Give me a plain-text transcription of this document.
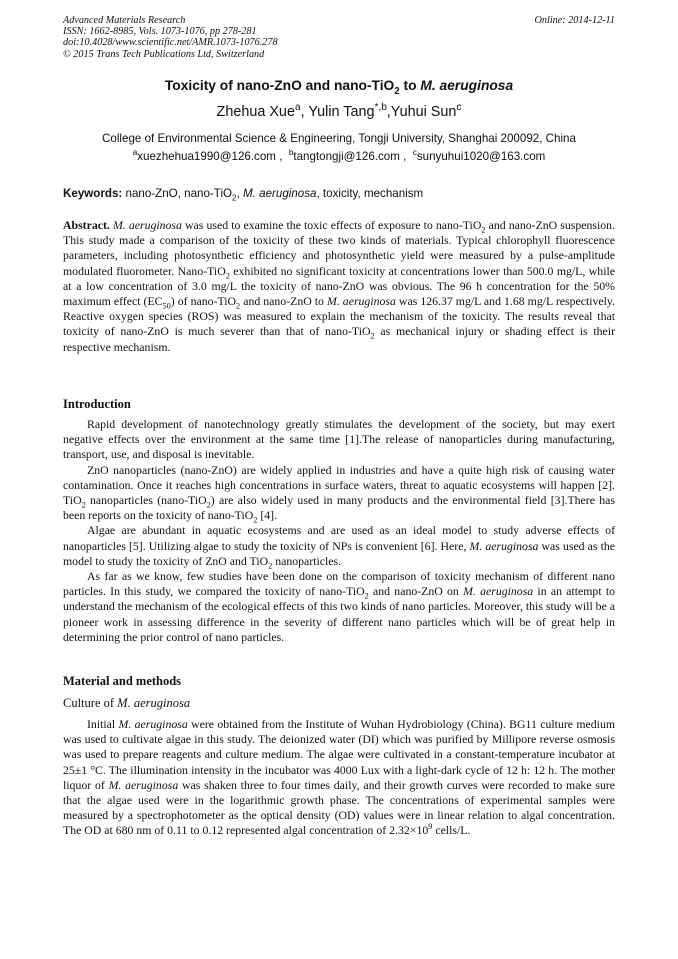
Advanced Materials Research
ISSN: 1662-8985, Vols. 1073-1076, pp 278-281
doi:10.4028/www.scientific.net/AMR.1073-1076.278
© 2015 Trans Tech Publications Ltd, Switzerland
Online: 2014-12-11
Toxicity of nano-ZnO and nano-TiO$_2$ to M. aeruginosa
Zhehua Xue$^a$, Yulin Tang$^{*,b}$,Yuhui Sun$^c$
College of Environmental Science & Engineering, Tongji University, Shanghai 200092, China
$^a$xuezhehua1990@126.com ,  $^b$tangtongji@126.com ,  $^c$sunyuhui1020@163.com
Keywords: nano-ZnO, nano-TiO$_2$, M. aeruginosa, toxicity, mechanism

Abstract. M. aeruginosa was used to examine the toxic effects of exposure to nano-TiO$_2$ and nano-ZnO suspension. This study made a comparison of the toxicity of these two kinds of materials. Typical chlorophyll fluorescence parameters, including photosynthetic efficiency and photosynthetic yield were measured by a pulse-amplitude modulated fluorometer. Nano-TiO$_2$ exhibited no significant toxicity at concentrations lower than 500.0 mg/L, while at a low concentration of 3.0 mg/L the toxicity of nano-ZnO was obvious. The 96 h concentration for the 50% maximum effect $(EC_{50})$ of nano-TiO$_2$ and nano-ZnO to M. aeruginosa was 126.37 mg/L and 1.68 mg/L respectively. Reactive oxygen species (ROS) was measured to explain the mechanism of the toxicity. The results reveal that toxicity of nano-ZnO is much severer than that of nano-TiO$_2$ as mechanical injury or shading effect is their respective mechanism.

Introduction

Rapid development of nanotechnology greatly stimulates the development of the society, but may exert negative effects over the environment at the same time [1].The release of nanoparticles during manufacturing, transport, use, and disposal is inevitable.

ZnO nanoparticles (nano-ZnO) are widely applied in industries and have a quite high risk of causing water contamination. Once it reaches high concentrations in surface waters, threat to aquatic ecosystems will happen [2]. TiO$_2$ nanoparticles (nano-TiO$_2$) are also widely used in many products and the environmental field [3].There has been reports on the toxicity of nano-TiO$_2$ [4].

Algae are abundant in aquatic ecosystems and are used as an ideal model to study adverse effects of nanoparticles [5]. Utilizing algae to study the toxicity of NPs is convenient [6]. Here, M. aeruginosa was used as the model to study the toxicity of ZnO and TiO$_2$ nanoparticles.

As far as we know, few studies have been done on the comparison of toxicity mechanism of different nano particles. In this study, we compared the toxicity of nano-TiO$_2$ and nano-ZnO on M. aeruginosa in an attempt to understand the mechanism of the ecological effects of this two kinds of nano particles. Moreover, this study will be a pioneer work in assessing difference in the severity of different nano particles which will be of great help in determining the prior control of nano particles.

Material and methods
Culture of M. aeruginosa

Initial M. aeruginosa were obtained from the Institute of Wuhan Hydrobiology (China). BG11 culture medium was used to cultivate algae in this study. The deionized water (DI) which was purified by Millipore reverse osmosis was used to prepare reagents and culture medium. The algae were cultivated in a constant-temperature incubator at 25±1 °C. The illumination intensity in the incubator was 4000 Lux with a light-dark cycle of 12 h: 12 h. The mother liquor of M. aeruginosa was shaken three to four times daily, and their growth curves were recorded to make sure that the algae used were in the logarithmic growth phase. The concentrations of experimental samples were measured by a spectrophotometer as the optical density (OD) values were in linear relation to algal concentration. The OD at 680 nm of 0.11 to 0.12 represented algal concentration of $2.32\times 10^9$ cells/L.
